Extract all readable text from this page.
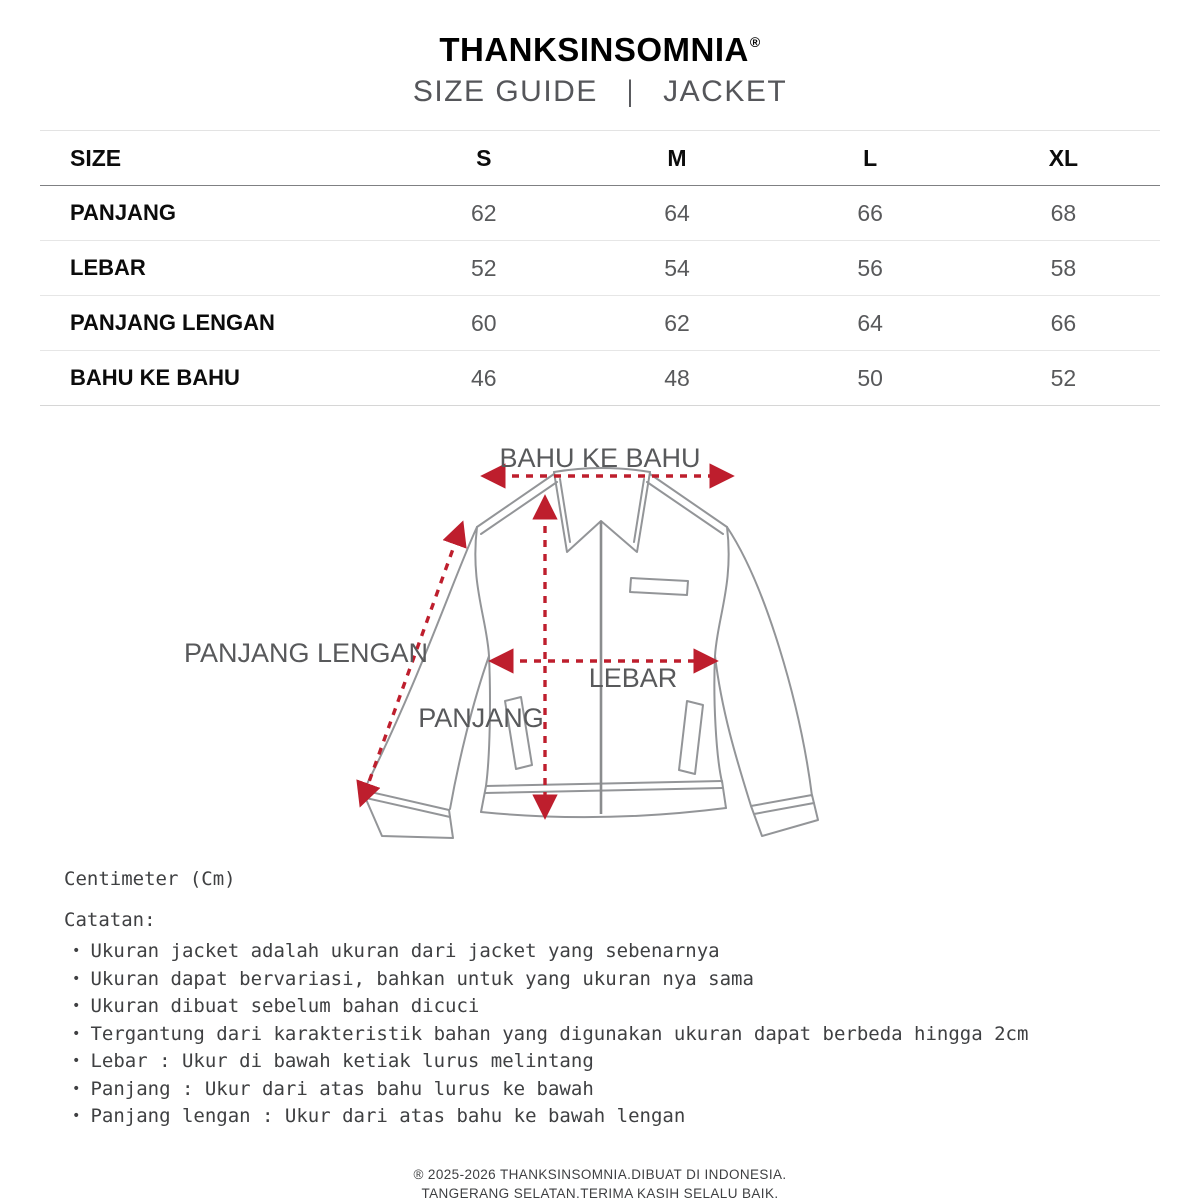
THANKSINSOMNIA®
SIZE GUIDE | JACKET
SIZE	S	M	L	XL
PANJANG	62	64	66	68
LEBAR	52	54	56	58
PANJANG LENGAN	60	62	64	66
BAHU KE BAHU	46	48	50	52
BAHU KE BAHU
PANJANG LENGAN
LEBAR
PANJANG
Centimeter (Cm)
Catatan:
• Ukuran jacket adalah ukuran dari jacket yang sebenarnya
• Ukuran dapat bervariasi, bahkan untuk yang ukuran nya sama
• Ukuran dibuat sebelum bahan dicuci
• Tergantung dari karakteristik bahan yang digunakan ukuran dapat berbeda hingga 2cm
• Lebar : Ukur di bawah ketiak lurus melintang
• Panjang : Ukur dari atas bahu lurus ke bawah
• Panjang lengan : Ukur dari atas bahu ke bawah lengan
® 2025-2026 THANKSINSOMNIA.DIBUAT DI INDONESIA.
TANGERANG SELATAN.TERIMA KASIH SELALU BAIK.
